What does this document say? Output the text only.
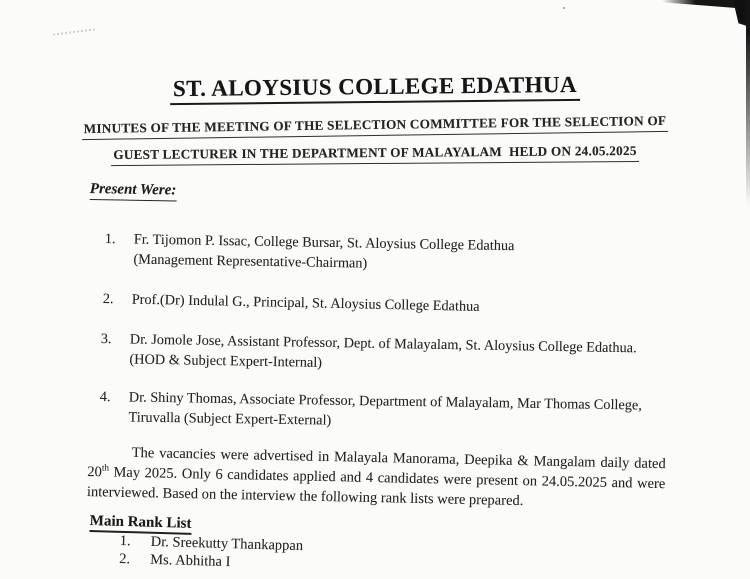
ST. ALOYSIUS COLLEGE EDATHUA
MINUTES OF THE MEETING OF THE SELECTION COMMITTEE FOR THE SELECTION OF
GUEST LECTURER IN THE DEPARTMENT OF MALAYALAM  HELD ON 24.05.2025
Present Were:
1.	Fr. Tijomon P. Issac, College Bursar, St. Aloysius College Edathua
(Management Representative-Chairman)
2.	Prof.(Dr) Indulal G., Principal, St. Aloysius College Edathua
3.	Dr. Jomole Jose, Assistant Professor, Dept. of Malayalam, St. Aloysius College Edathua.
(HOD & Subject Expert-Internal)
4.	Dr. Shiny Thomas, Associate Professor, Department of Malayalam, Mar Thomas College,
Tiruvalla (Subject Expert-External)

The vacancies were advertised in Malayala Manorama, Deepika & Mangalam daily dated 20th May 2025. Only 6 candidates applied and 4 candidates were present on 24.05.2025 and were interviewed. Based on the interview the following rank lists were prepared.

Main Rank List
1.	Dr. Sreekutty Thankappan
2.	Ms. Abhitha I
